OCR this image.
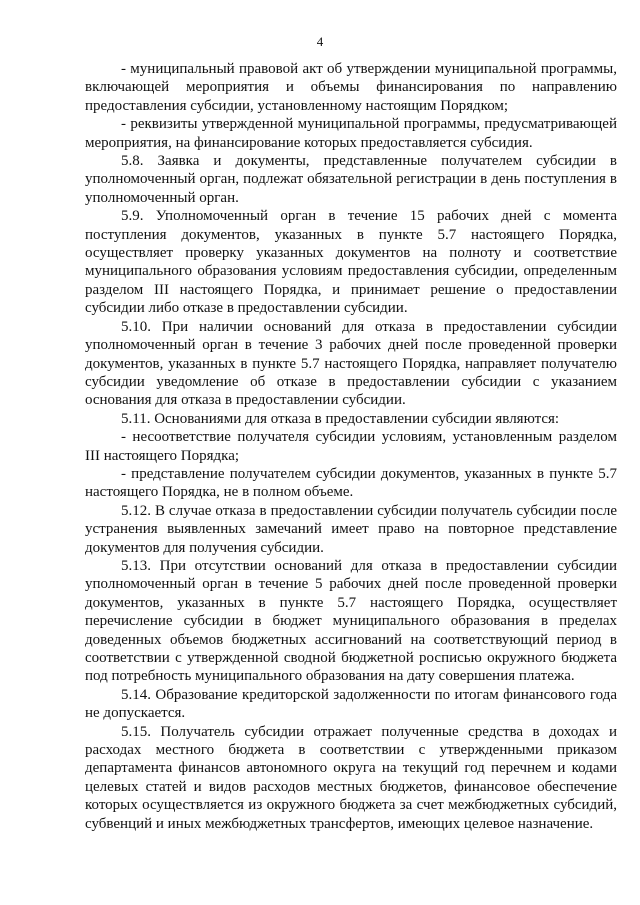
4

- муниципальный правовой акт об утверждении муниципальной программы, включающей мероприятия и объемы финансирования по направлению предоставления субсидии, установленному настоящим Порядком;

- реквизиты утвержденной муниципальной программы, предусматривающей мероприятия, на финансирование которых предоставляется субсидия.

5.8. Заявка и документы, представленные получателем субсидии в уполномоченный орган, подлежат обязательной регистрации в день поступления в уполномоченный орган.

5.9. Уполномоченный орган в течение 15 рабочих дней с момента поступления документов, указанных в пункте 5.7 настоящего Порядка, осуществляет проверку указанных документов на полноту и соответствие муниципального образования условиям предоставления субсидии, определенным разделом III настоящего Порядка, и принимает решение о предоставлении субсидии либо отказе в предоставлении субсидии.

5.10. При наличии оснований для отказа в предоставлении субсидии уполномоченный орган в течение 3 рабочих дней после проведенной проверки документов, указанных в пункте 5.7 настоящего Порядка, направляет получателю субсидии уведомление об отказе в предоставлении субсидии с указанием основания для отказа в предоставлении субсидии.

5.11. Основаниями для отказа в предоставлении субсидии являются:

- несоответствие получателя субсидии условиям, установленным разделом III настоящего Порядка;

- представление получателем субсидии документов, указанных в пункте 5.7 настоящего Порядка, не в полном объеме.

5.12. В случае отказа в предоставлении субсидии получатель субсидии после устранения выявленных замечаний имеет право на повторное представление документов для получения субсидии.

5.13. При отсутствии оснований для отказа в предоставлении субсидии уполномоченный орган в течение 5 рабочих дней после проведенной проверки документов, указанных в пункте 5.7 настоящего Порядка, осуществляет перечисление субсидии в бюджет муниципального образования в пределах доведенных объемов бюджетных ассигнований на соответствующий период в соответствии с утвержденной сводной бюджетной росписью окружного бюджета под потребность муниципального образования на дату совершения платежа.

5.14. Образование кредиторской задолженности по итогам финансового года не допускается.

5.15. Получатель субсидии отражает полученные средства в доходах и расходах местного бюджета в соответствии с утвержденными приказом департамента финансов автономного округа на текущий год перечнем и кодами целевых статей и видов расходов местных бюджетов, финансовое обеспечение которых осуществляется из окружного бюджета за счет межбюджетных субсидий, субвенций и иных межбюджетных трансфертов, имеющих целевое назначение.
